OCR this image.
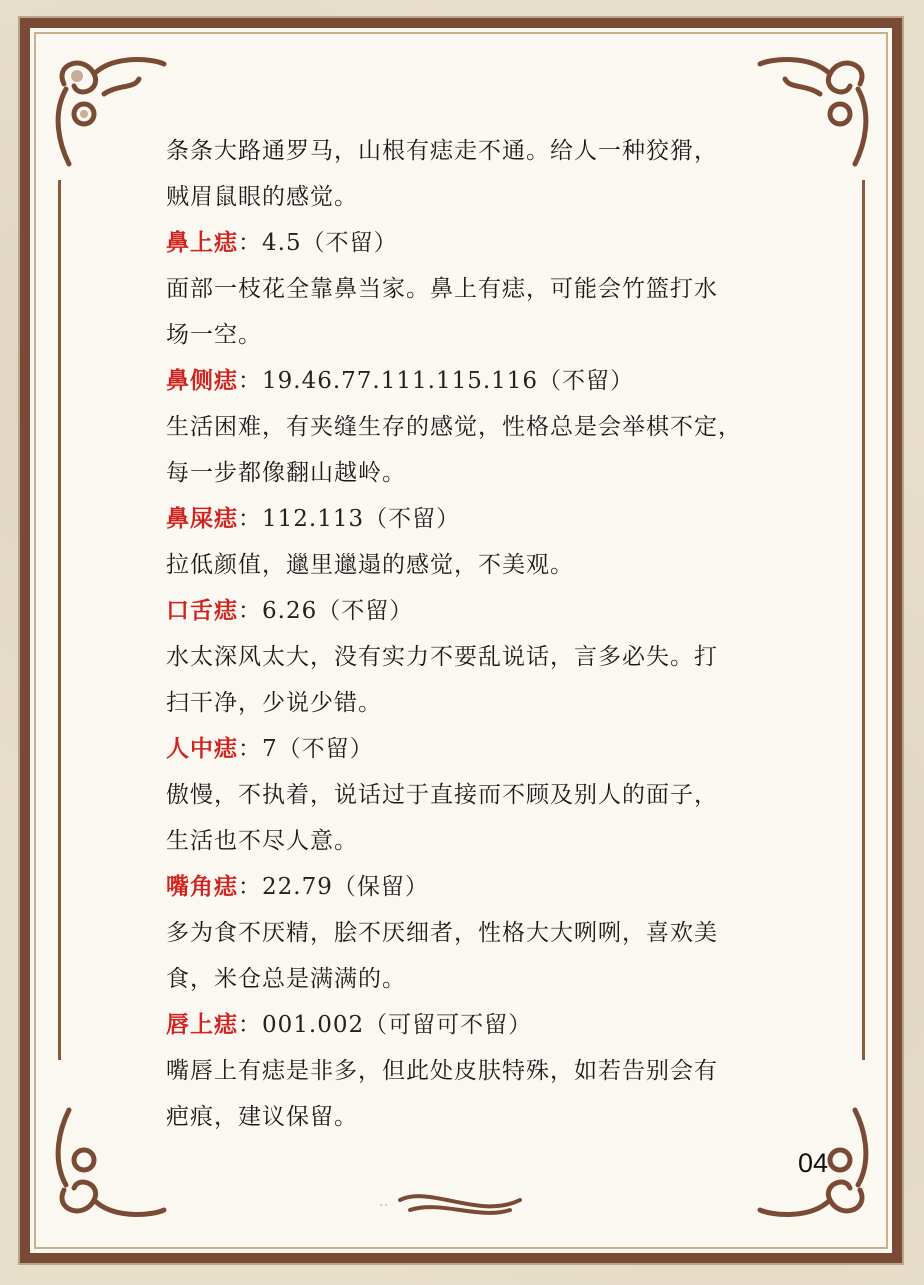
条条大路通罗马，山根有痣走不通。给人一种狡猾，
贼眉鼠眼的感觉。
鼻上痣：4.5（不留）
面部一枝花全靠鼻当家。鼻上有痣，可能会竹篮打水
场一空。
鼻侧痣：19.46.77.111.115.116（不留）
生活困难，有夹缝生存的感觉，性格总是会举棋不定，
每一步都像翻山越岭。
鼻屎痣：112.113（不留）
拉低颜值，邋里邋遢的感觉，不美观。
口舌痣：6.26（不留）
水太深风太大，没有实力不要乱说话，言多必失。打
扫干净，少说少错。
人中痣：7（不留）
傲慢，不执着，说话过于直接而不顾及别人的面子，
生活也不尽人意。
嘴角痣：22.79（保留）
多为食不厌精，脍不厌细者，性格大大咧咧，喜欢美
食，米仓总是满满的。
唇上痣：001.002（可留可不留）
嘴唇上有痣是非多，但此处皮肤特殊，如若告别会有
疤痕，建议保留。
04
